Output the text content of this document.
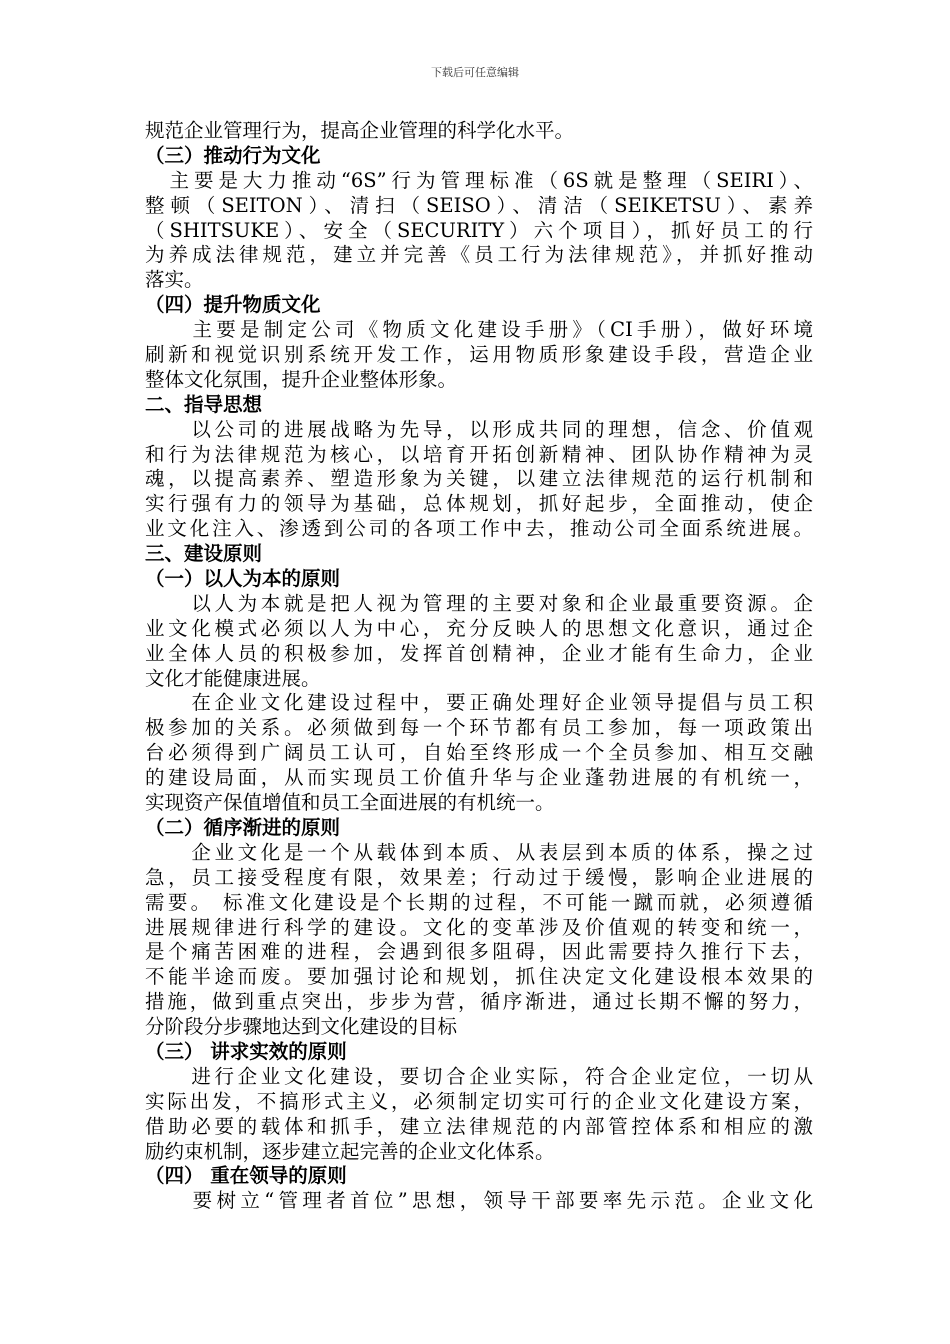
下载后可任意编辑
规范企业管理行为，提高企业管理的科学化水平。
（三）推动行为文化
　主要是大力推动“6S”行为管理标准（6S就是整理（SEIRI）、
整顿（SEITON）、清扫（SEISO）、清洁（SEIKETSU）、素养
（SHITSUKE）、安全（SECURITY）六个项目），抓好员工的行
为养成法律规范，建立并完善《员工行为法律规范》，并抓好推动
落实。
（四）提升物质文化
　　主要是制定公司《物质文化建设手册》（CI手册），做好环境
刷新和视觉识别系统开发工作，运用物质形象建设手段，营造企业
整体文化氛围，提升企业整体形象。
二、指导思想
　　以公司的进展战略为先导，以形成共同的理想，信念、价值观
和行为法律规范为核心，以培育开拓创新精神、团队协作精神为灵
魂，以提高素养、塑造形象为关键，以建立法律规范的运行机制和
实行强有力的领导为基础，总体规划，抓好起步，全面推动，使企
业文化注入、渗透到公司的各项工作中去，推动公司全面系统进展。
三、建设原则
（一）以人为本的原则
　　以人为本就是把人视为管理的主要对象和企业最重要资源。企
业文化模式必须以人为中心，充分反映人的思想文化意识，通过企
业全体人员的积极参加，发挥首创精神，企业才能有生命力，企业
文化才能健康进展。
　　在企业文化建设过程中，要正确处理好企业领导提倡与员工积
极参加的关系。必须做到每一个环节都有员工参加，每一项政策出
台必须得到广阔员工认可，自始至终形成一个全员参加、相互交融
的建设局面，从而实现员工价值升华与企业蓬勃进展的有机统一，
实现资产保值增值和员工全面进展的有机统一。
（二）循序渐进的原则
　　企业文化是一个从载体到本质、从表层到本质的体系，操之过
急，员工接受程度有限，效果差；行动过于缓慢，影响企业进展的
需要。 标准文化建设是个长期的过程，不可能一蹴而就，必须遵循
进展规律进行科学的建设。文化的变革涉及价值观的转变和统一，
是个痛苦困难的进程，会遇到很多阻碍，因此需要持久推行下去，
不能半途而废。要加强讨论和规划，抓住决定文化建设根本效果的
措施，做到重点突出，步步为营，循序渐进，通过长期不懈的努力，
分阶段分步骤地达到文化建设的目标
（三） 讲求实效的原则
　　进行企业文化建设，要切合企业实际，符合企业定位，一切从
实际出发，不搞形式主义，必须制定切实可行的企业文化建设方案，
借助必要的载体和抓手，建立法律规范的内部管控体系和相应的激
励约束机制，逐步建立起完善的企业文化体系。
（四） 重在领导的原则
　　要树立“管理者首位”思想，领导干部要率先示范。企业文化
